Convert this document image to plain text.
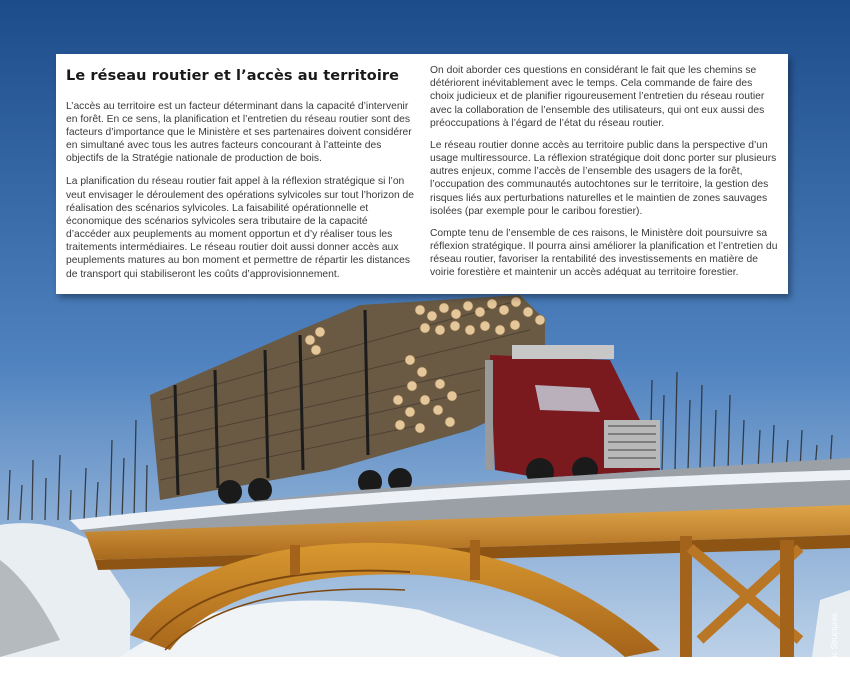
Le réseau routier et l’accès au territoire

L’accès au territoire est un facteur déterminant dans la capacité d’intervenir en forêt. En ce sens, la planification et l’entretien du réseau routier sont des facteurs d’importance que le Ministère et ses partenaires doivent considérer en simultané avec tous les autres facteurs concourant à l’atteinte des objectifs de la Stratégie nationale de production de bois.

La planification du réseau routier fait appel à la réflexion stratégique si l’on veut envisager le déroulement des opérations sylvicoles sur tout l’horizon de réalisation des scénarios sylvicoles. La faisabilité opérationnelle et économique des scénarios sylvicoles sera tributaire de la capacité d’accéder aux peuplements au moment opportun et d’y réaliser tous les traitements intermédiaires. Le réseau routier doit aussi donner accès aux peuplements matures au bon moment et permettre de répartir les distances de transport qui stabiliseront les coûts d’approvisionnement.

On doit aborder ces questions en considérant le fait que les chemins se détériorent inévitablement avec le temps. Cela commande de faire des choix judicieux et de planifier rigoureusement l’entretien du réseau routier avec la collaboration de l’ensemble des utilisateurs, qui ont eux aussi des préoccupations à l’égard de l’état du réseau routier.

Le réseau routier donne accès au territoire public dans la perspective d’un usage multiressource. La réflexion stratégique doit donc porter sur plusieurs autres enjeux, comme l’accès de l’ensemble des usagers de la forêt, l’occupation des communautés autochtones sur le territoire, la gestion des risques liés aux perturbations naturelles et le maintien de zones sauvages isolées (par exemple pour le caribou forestier).

Compte tenu de l’ensemble de ces raisons, le Ministère doit poursuivre sa réflexion stratégique. Il pourra ainsi améliorer la planification et l’entretien du réseau routier, favoriser la rentabilité des investissements en matière de voirie forestière et maintenir un accès adéquat au territoire forestier.

Nordic Structures
